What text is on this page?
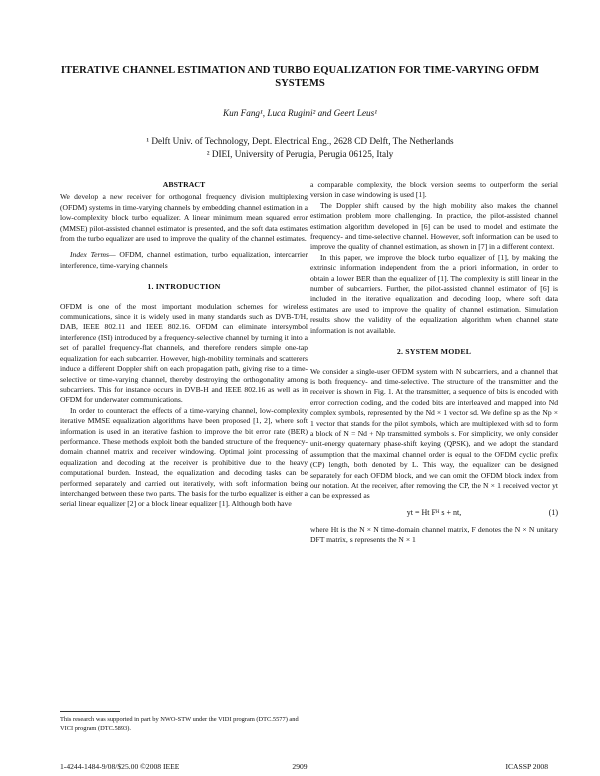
ITERATIVE CHANNEL ESTIMATION AND TURBO EQUALIZATION FOR TIME-VARYING OFDM SYSTEMS
Kun Fang¹, Luca Rugini² and Geert Leus¹
¹ Delft Univ. of Technology, Dept. Electrical Eng., 2628 CD Delft, The Netherlands
² DIEI, University of Perugia, Perugia 06125, Italy
ABSTRACT

We develop a new receiver for orthogonal frequency division multiplexing (OFDM) systems in time-varying channels by embedding channel estimation in a low-complexity block turbo equalizer. A linear minimum mean squared error (MMSE) pilot-assisted channel estimator is presented, and the soft data estimates from the turbo equalizer are used to improve the quality of the channel estimates.

Index Terms— OFDM, channel estimation, turbo equalization, intercarrier interference, time-varying channels

1. INTRODUCTION

OFDM is one of the most important modulation schemes for wireless communications, since it is widely used in many standards such as DVB-T/H, DAB, IEEE 802.11 and IEEE 802.16. OFDM can eliminate intersymbol interference (ISI) introduced by a frequency-selective channel by turning it into a set of parallel frequency-flat channels, and therefore renders simple one-tap equalization for each subcarrier. However, high-mobility terminals and scatterers induce a different Doppler shift on each propagation path, giving rise to a time-selective or time-varying channel, thereby destroying the orthogonality among subcarriers. This for instance occurs in DVB-H and IEEE 802.16 as well as in OFDM for underwater communications.

In order to counteract the effects of a time-varying channel, low-complexity iterative MMSE equalization algorithms have been proposed [1, 2], where soft information is used in an iterative fashion to improve the bit error rate (BER) performance. These methods exploit both the banded structure of the frequency-domain channel matrix and receiver windowing. Optimal joint processing of equalization and decoding at the receiver is prohibitive due to the heavy computational burden. Instead, the equalization and decoding tasks can be performed separately and carried out iteratively, with soft information being interchanged between these two parts. The basis for the turbo equalizer is either a serial linear equalizer [2] or a block linear equalizer [1]. Although both have

a comparable complexity, the block version seems to outperform the serial version in case windowing is used [1].

The Doppler shift caused by the high mobility also makes the channel estimation problem more challenging. In practice, the pilot-assisted channel estimation algorithm developed in [6] can be used to model and estimate the frequency- and time-selective channel. However, soft information can be used to improve the quality of channel estimation, as shown in [7] in a different context.

In this paper, we improve the block turbo equalizer of [1], by making the extrinsic information independent from the a priori information, in order to obtain a lower BER than the equalizer of [1]. The complexity is still linear in the number of subcarriers. Further, the pilot-assisted channel estimator of [6] is included in the iterative equalization and decoding loop, where soft data estimates are used to improve the quality of channel estimation. Simulation results show the validity of the equalization algorithm when channel state information is not available.

2. SYSTEM MODEL

We consider a single-user OFDM system with N subcarriers, and a channel that is both frequency- and time-selective. The structure of the transmitter and the receiver is shown in Fig. 1. At the transmitter, a sequence of bits is encoded with error correction coding, and the coded bits are interleaved and mapped into Nd complex symbols, represented by the Nd × 1 vector sd. We define sp as the Np × 1 vector that stands for the pilot symbols, which are multiplexed with sd to form a block of N = Nd + Np transmitted symbols s. For simplicity, we only consider unit-energy quaternary phase-shift keying (QPSK), and we adopt the standard assumption that the maximal channel order is equal to the OFDM cyclic prefix (CP) length, both denoted by L. This way, the equalizer can be designed separately for each OFDM block, and we can omit the OFDM block index from our notation. At the receiver, after removing the CP, the N × 1 received vector yt can be expressed as

yt = Ht Fᴴ s + nt,	(1)

where Ht is the N × N time-domain channel matrix, F denotes the N × N unitary DFT matrix, s represents the N × 1

This research was supported in part by NWO-STW under the VIDI program (DTC.5577) and VICI program (DTC.5893).
1-4244-1484-9/08/$25.00 ©2008 IEEE	2909	ICASSP 2008
